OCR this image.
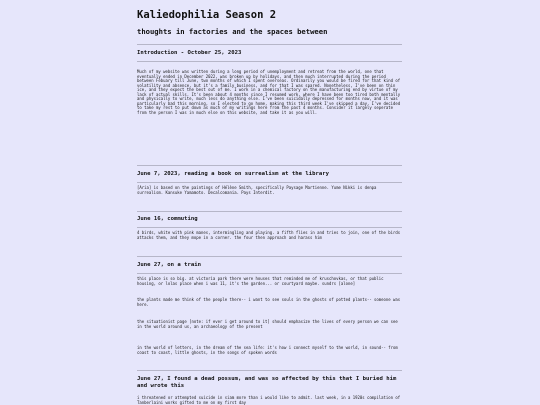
Kaliedophilia Season 2
thoughts in factories and the spaces between
Introduction - October 25, 2023

Much of my website was written during a long period of unemployment and retreat from the world, one that eventually ended in December 2022, was broken up by holidays, and then much interrupted during the period between Febuary till June, two months of which I spent overseas. Ordinarily you would be fired for that kind of volatility and absence, but it's a family business, and for that I was spared. Nonetheless, I've been on thin ice, and they expect the best out of me. I work in a chemical factory on the manufacturing end by virtue of my lack of actual skills. It's been about 4 months since I resumed work, where I have been too tired both mentally and physically to write, much less do anything else. I've been suicidally depressed for months now, and it was particularly bad this morning, so I elected to go home, making this third week I've skipped a day. I've decided to take my rest to put down as much of my writings here from the past 4 months. Consider it largely seperate from the person I was in much else on this website, and take it as you will.

June 7, 2023, reading a book on surrealism at the library

[Aria] is based on the paintings of Hélène Smith, specifically Paysage Martienne. Yume Nikki is denpa surrealism. Kansuke Yamamoto. Decalcomania. Pays Interdit.

June 16, commuting

4 birds, white with pink manes, intermingling and playing. a fifth flies in and tries to join, one of the birds attacks them, and they mope in a corner. the four then approach and harass him

June 27, on a train

this place is so big. at victoria park there were houses that reminded me of kruschovkas, or that public housing, or lolas place when i was 11, it's the garden... or courtyard maybe. sundrs [alone]

the plants made me think of the people there-- i want to see souls in the ghosts of potted plants-- someone was here.

the situationist page [note: if ever i get around to it] should emphasize the lives of every person we can see in the world around us, an archaeology of the present

in the world of letters, in the dream of the sea life: it's how i connect myself to the world, in sound-- from coast to coast, little ghosts, in the songs of spoken words

June 27, I found a dead possum, and was so affected by this that I buried him and wrote this

i threatened or attempted suicide in siam more than i would like to admit. last week, in a 1920s compilation of Tanberlaini works gifted to me on my first day
